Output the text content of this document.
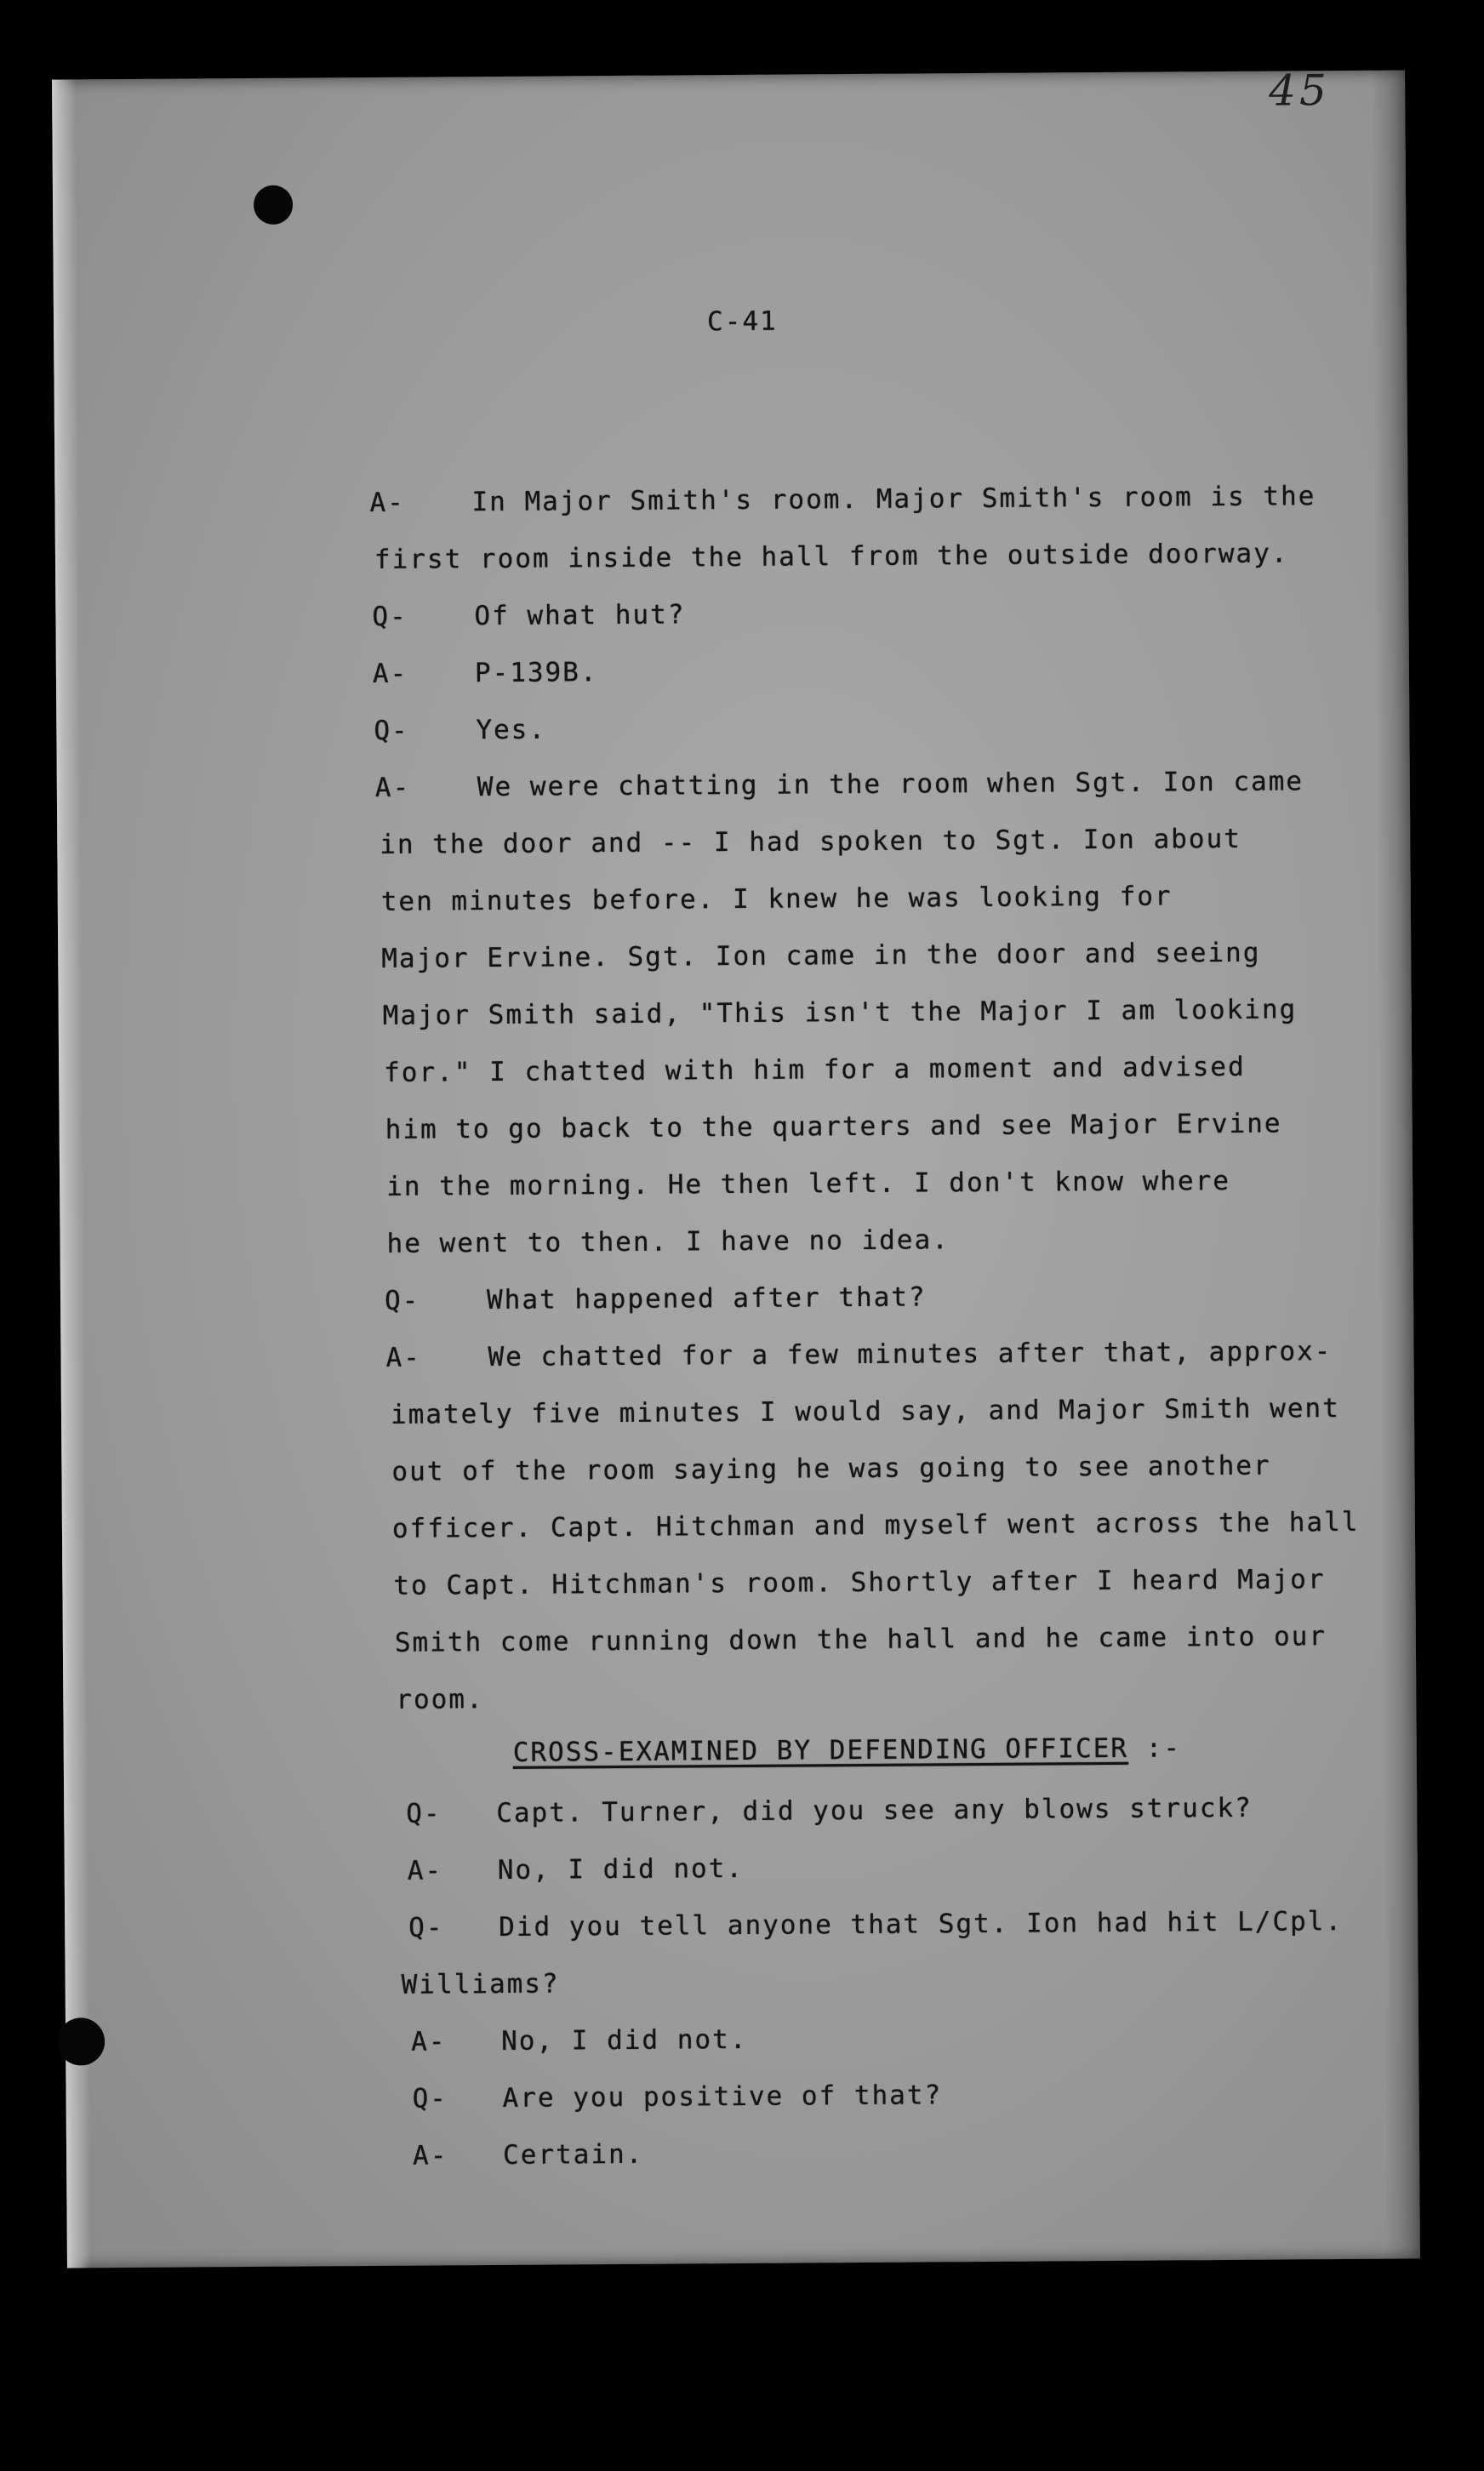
45
C-41
A-	In Major Smith's room. Major Smith's room is the
first room inside the hall from the outside doorway.
Q-	Of what hut?
A-	P-139B.
Q-	Yes.
A-	We were chatting in the room when Sgt. Ion came
in the door and -- I had spoken to Sgt. Ion about
ten minutes before. I knew he was looking for
Major Ervine. Sgt. Ion came in the door and seeing
Major Smith said, "This isn't the Major I am looking
for." I chatted with him for a moment and advised
him to go back to the quarters and see Major Ervine
in the morning. He then left. I don't know where
he went to then. I have no idea.
Q-	What happened after that?
A-	We chatted for a few minutes after that, approx-
imately five minutes I would say, and Major Smith went
out of the room saying he was going to see another
officer. Capt. Hitchman and myself went across the hall
to Capt. Hitchman's room. Shortly after I heard Major
Smith come running down the hall and he came into our
room.
CROSS-EXAMINED BY DEFENDING OFFICER :-
Q- Capt. Turner, did you see any blows struck?
A- No, I did not.
Q- Did you tell anyone that Sgt. Ion had hit L/Cpl.
Williams?
A- No, I did not.
Q- Are you positive of that?
A- Certain.
